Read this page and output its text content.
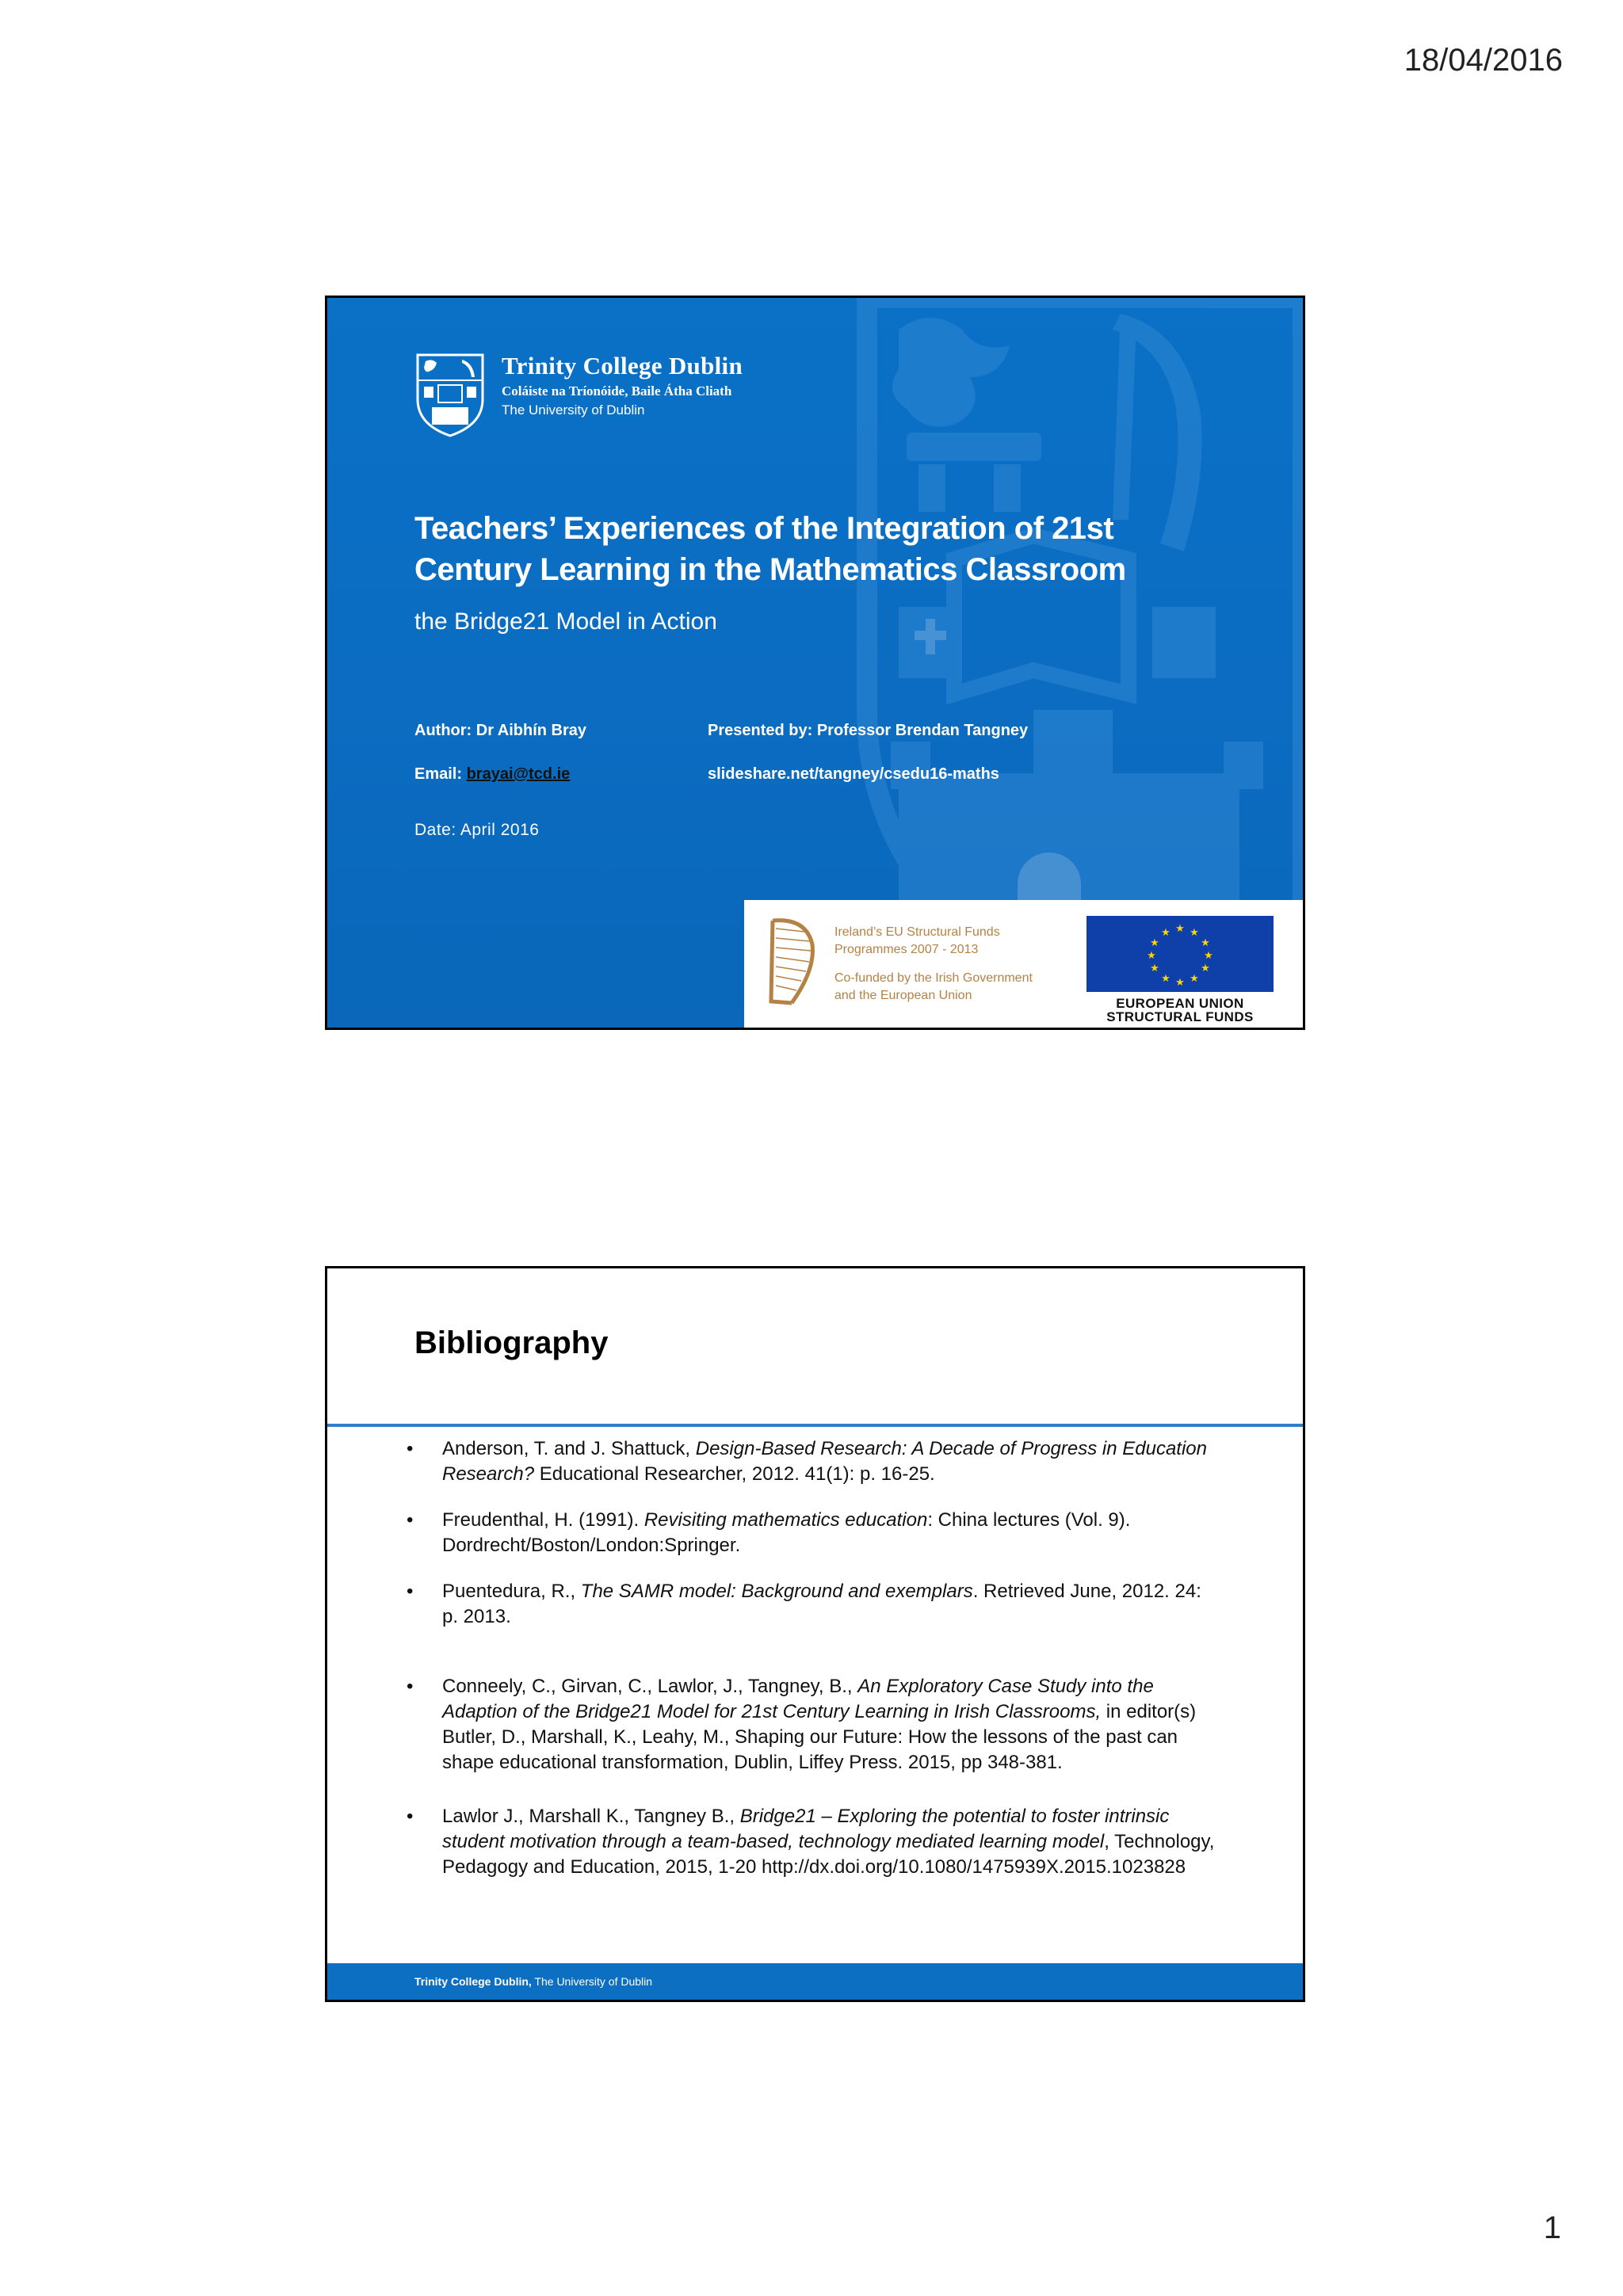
18/04/2016
Trinity College Dublin
Coláiste na Tríonóide, Baile Átha Cliath
The University of Dublin
Teachers’ Experiences of the Integration of 21st Century Learning in the Mathematics Classroom
the Bridge21 Model in Action
Author: Dr Aibhín Bray	Presented by: Professor Brendan Tangney
Email: brayai@tcd.ie	slideshare.net/tangney/csedu16-maths
Date: April 2016
Ireland’s EU Structural Funds
Programmes 2007 - 2013
Co-funded by the Irish Government
and the European Union
★ ★
★
★
★
★
★
★
★
★
★
★
EUROPEAN UNION
STRUCTURAL FUNDS
Bibliography
• Anderson, T. and J. Shattuck, Design-Based Research: A Decade of Progress in Education Research? Educational Researcher, 2012. 41(1): p. 16-25.
• Freudenthal, H. (1991). Revisiting mathematics education: China lectures (Vol. 9). Dordrecht/Boston/London:Springer.
• Puentedura, R., The SAMR model: Background and exemplars. Retrieved June, 2012. 24: p. 2013.
• Conneely, C., Girvan, C., Lawlor, J., Tangney, B., An Exploratory Case Study into the Adaption of the Bridge21 Model for 21st Century Learning in Irish Classrooms, in editor(s) Butler, D., Marshall, K., Leahy, M., Shaping our Future: How the lessons of the past can shape educational transformation, Dublin, Liffey Press. 2015, pp 348-381.
• Lawlor J., Marshall K., Tangney B., Bridge21 – Exploring the potential to foster intrinsic student motivation through a team-based, technology mediated learning model, Technology, Pedagogy and Education, 2015, 1-20 http://dx.doi.org/10.1080/1475939X.2015.1023828
Trinity College Dublin, The University of Dublin
1
